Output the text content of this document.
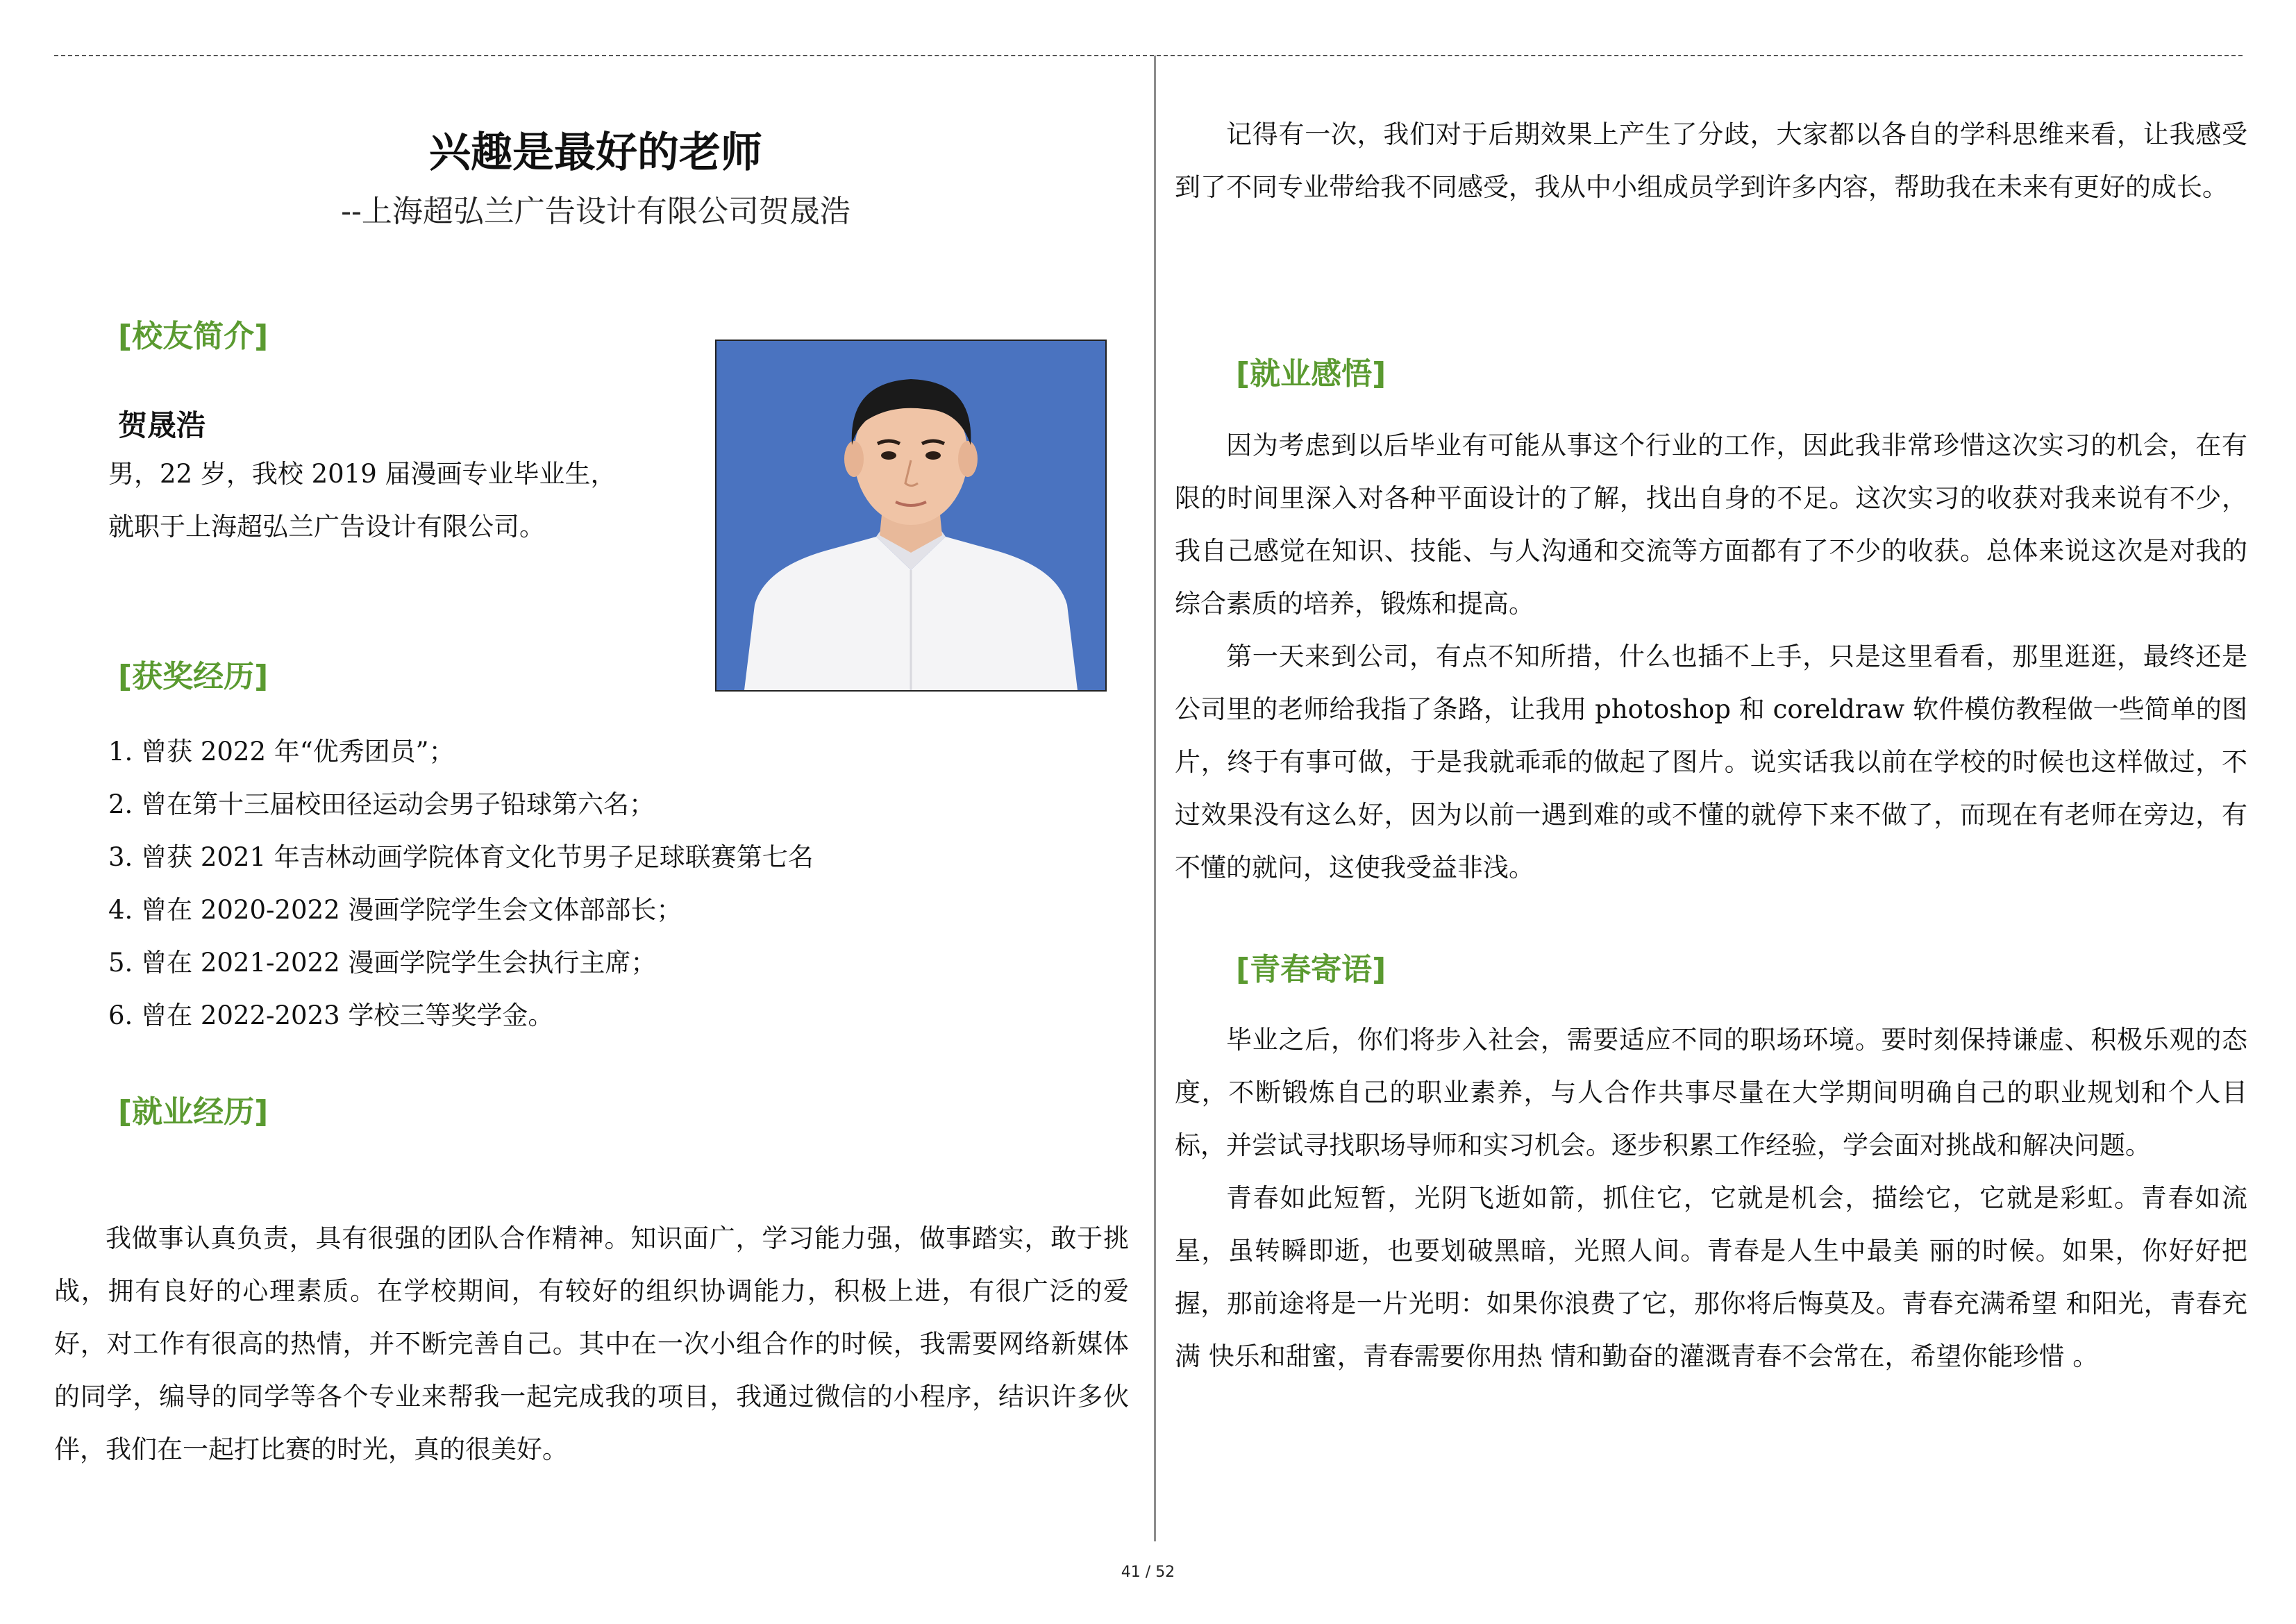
兴趣是最好的老师
--上海超弘兰广告设计有限公司贺晟浩
[校友简介]
贺晟浩
男，22 岁，我校 2019 届漫画专业毕业生，
就职于上海超弘兰广告设计有限公司。
[获奖经历]
1. 曾获 2022 年“优秀团员”；
2. 曾在第十三届校田径运动会男子铅球第六名；
3. 曾获 2021 年吉林动画学院体育文化节男子足球联赛第七名
4. 曾在 2020-2022 漫画学院学生会文体部部长；
5. 曾在 2021-2022 漫画学院学生会执行主席；
6. 曾在 2022-2023 学校三等奖学金。
[就业经历]

我做事认真负责，具有很强的团队合作精神。知识面广，学习能力强，做事踏实，敢于挑战，拥有良好的心理素质。在学校期间，有较好的组织协调能力，积极上进，有很广泛的爱好，对工作有很高的热情，并不断完善自己。其中在一次小组合作的时候，我需要网络新媒体的同学，编导的同学等各个专业来帮我一起完成我的项目，我通过微信的小程序，结识许多伙伴，我们在一起打比赛的时光，真的很美好。

记得有一次，我们对于后期效果上产生了分歧，大家都以各自的学科思维来看，让我感受到了不同专业带给我不同感受，我从中小组成员学到许多内容，帮助我在未来有更好的成长。

[就业感悟]

因为考虑到以后毕业有可能从事这个行业的工作，因此我非常珍惜这次实习的机会，在有限的时间里深入对各种平面设计的了解，找出自身的不足。这次实习的收获对我来说有不少，我自己感觉在知识、技能、与人沟通和交流等方面都有了不少的收获。总体来说这次是对我的综合素质的培养，锻炼和提高。

第一天来到公司，有点不知所措，什么也插不上手，只是这里看看，那里逛逛，最终还是公司里的老师给我指了条路，让我用 photoshop 和 coreldraw 软件模仿教程做一些简单的图片，终于有事可做，于是我就乖乖的做起了图片。说实话我以前在学校的时候也这样做过，不过效果没有这么好，因为以前一遇到难的或不懂的就停下来不做了，而现在有老师在旁边，有不懂的就问，这使我受益非浅。

[青春寄语]

毕业之后，你们将步入社会，需要适应不同的职场环境。要时刻保持谦虚、积极乐观的态度，不断锻炼自己的职业素养，与人合作共事尽量在大学期间明确自己的职业规划和个人目标，并尝试寻找职场导师和实习机会。逐步积累工作经验，学会面对挑战和解决问题。

青春如此短暂，光阴飞逝如箭，抓住它，它就是机会，描绘它，它就是彩虹。青春如流星，虽转瞬即逝，也要划破黑暗，光照人间。青春是人生中最美 丽的时候。如果，你好好把握，那前途将是一片光明：如果你浪费了它，那你将后悔莫及。青春充满希望 和阳光，青春充满 快乐和甜蜜，青春需要你用热 情和勤奋的灌溉青春不会常在，希望你能珍惜 。

41 / 52
